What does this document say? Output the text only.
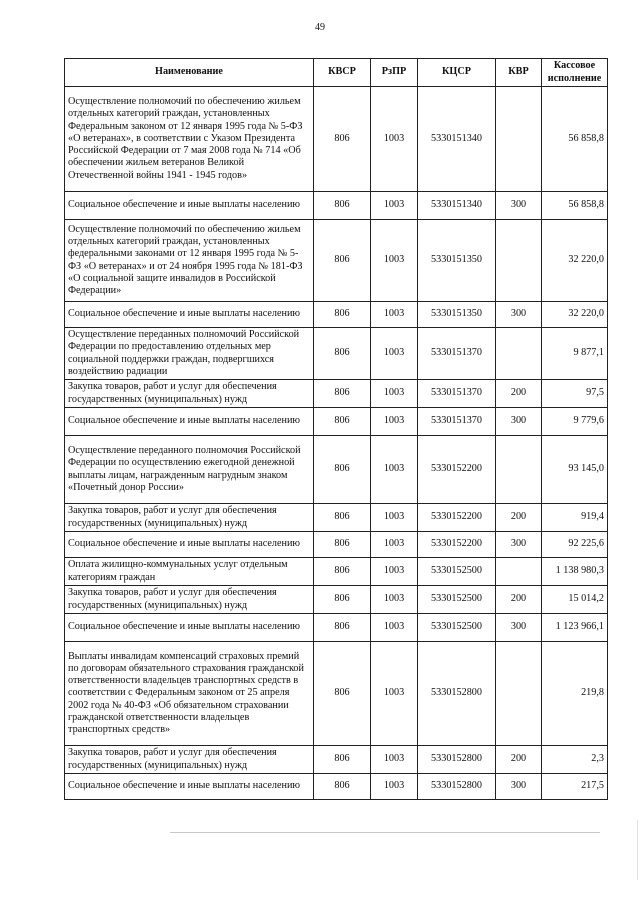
49
Наименование	КВСР	РзПР	КЦСР	КВР	Кассовое исполнение
Осуществление полномочий по обеспечению жильем отдельных категорий граждан, установленных Федеральным законом от 12 января 1995 года № 5-ФЗ «О ветеранах», в соответствии с Указом Президента Российской Федерации от 7 мая 2008 года № 714 «Об обеспечении жильем ветеранов Великой Отечественной войны 1941 - 1945 годов»	806	1003	5330151340		56 858,8
Социальное обеспечение и иные выплаты населению	806	1003	5330151340	300	56 858,8
Осуществление полномочий по обеспечению жильем отдельных категорий граждан, установленных федеральными законами от 12 января 1995 года № 5-ФЗ «О ветеранах» и от 24 ноября 1995 года № 181-ФЗ «О социальной защите инвалидов в Российской Федерации»	806	1003	5330151350		32 220,0
Социальное обеспечение и иные выплаты населению	806	1003	5330151350	300	32 220,0
Осуществление переданных полномочий Российской Федерации по предоставлению отдельных мер социальной поддержки граждан, подвергшихся воздействию радиации	806	1003	5330151370		9 877,1
Закупка товаров, работ и услуг для обеспечения государственных (муниципальных) нужд	806	1003	5330151370	200	97,5
Социальное обеспечение и иные выплаты населению	806	1003	5330151370	300	9 779,6
Осуществление переданного полномочия Российской Федерации по осуществлению ежегодной денежной выплаты лицам, награжденным нагрудным знаком «Почетный донор России»	806	1003	5330152200		93 145,0
Закупка товаров, работ и услуг для обеспечения государственных (муниципальных) нужд	806	1003	5330152200	200	919,4
Социальное обеспечение и иные выплаты населению	806	1003	5330152200	300	92 225,6
Оплата жилищно-коммунальных услуг отдельным категориям граждан	806	1003	5330152500		1 138 980,3
Закупка товаров, работ и услуг для обеспечения государственных (муниципальных) нужд	806	1003	5330152500	200	15 014,2
Социальное обеспечение и иные выплаты населению	806	1003	5330152500	300	1 123 966,1
Выплаты инвалидам компенсаций страховых премий по договорам обязательного страхования гражданской ответственности владельцев транспортных средств в соответствии с Федеральным законом от 25 апреля 2002 года № 40-ФЗ «Об обязательном страховании гражданской ответственности владельцев транспортных средств»	806	1003	5330152800		219,8
Закупка товаров, работ и услуг для обеспечения государственных (муниципальных) нужд	806	1003	5330152800	200	2,3
Социальное обеспечение и иные выплаты населению	806	1003	5330152800	300	217,5
